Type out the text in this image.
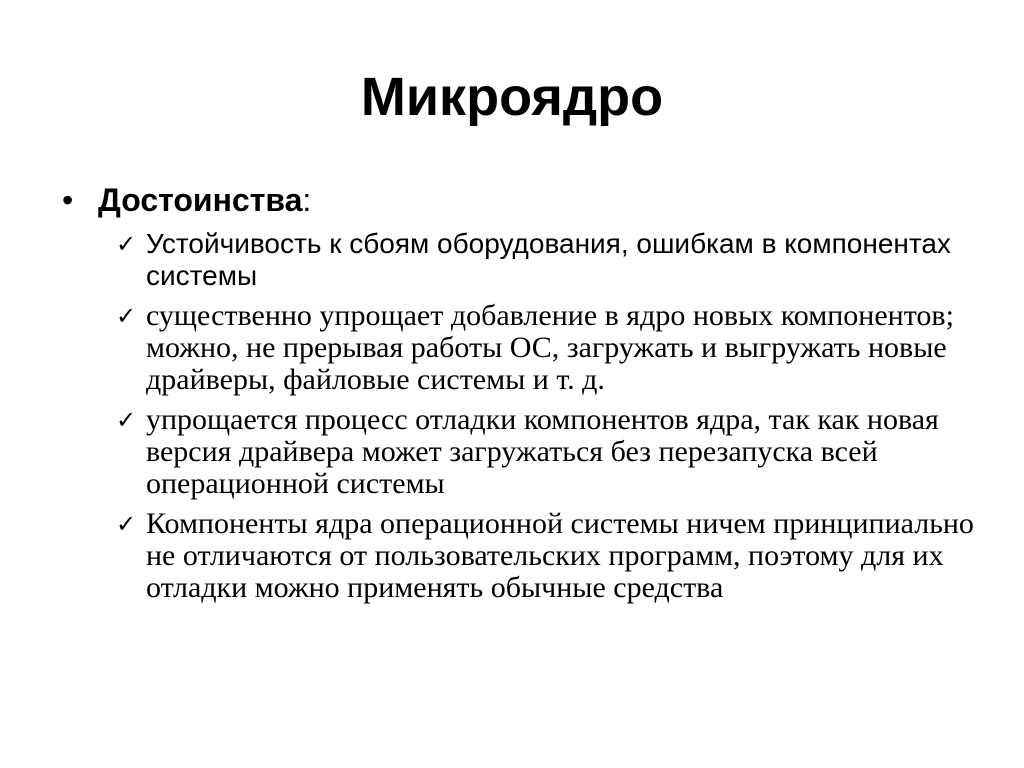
Микроядро
• Достоинства:
✓ Устойчивость к сбоям оборудования, ошибкам в компонентах системы
✓ существенно упрощает добавление в ядро новых компонентов; можно, не прерывая работы ОС, загружать и выгружать новые драйверы, файловые системы и т. д.
✓ упрощается процесс отладки компонентов ядра, так как новая версия драйвера может загружаться без перезапуска всей операционной системы
✓ Компоненты ядра операционной системы ничем принципиально не отличаются от пользовательских программ, поэтому для их отладки можно применять обычные средства
